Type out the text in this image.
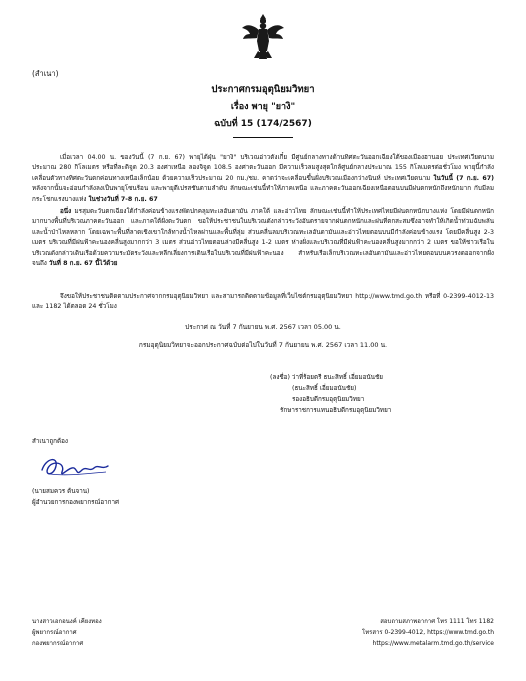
(สำเนา)
ประกาศกรมอุตุนิยมวิทยา
เรื่อง พายุ "ยางิ"
ฉบับที่ 15 (174/2567)
เมื่อเวลา 04.00 น. ของวันนี้ (7 ก.ย. 67) พายุไต้ฝุ่น "ยางิ" บริเวณอ่าวตังเกี๋ย มีศูนย์กลางทางด้านทิศตะวันออกเฉียงใต้ของเมืองฮานอย ประเทศเวียดนาม ประมาณ 280 กิโลเมตร หรือที่ละติจูด 20.3 องศาเหนือ ลองจิจูด 108.5 องศาตะวันออก มีความเร็วลมสูงสุดใกล้ศูนย์กลางประมาณ 155 กิโลเมตรต่อชั่วโมง พายุนี้กำลังเคลื่อนตัวทางทิศตะวันตกค่อนทางเหนือเล็กน้อย ด้วยความเร็วประมาณ 20 กม./ชม. คาดว่าจะเคลื่อนขึ้นฝั่งบริเวณเมืองกว่างนินห์ ประเทศเวียดนาม ในวันนี้ (7 ก.ย. 67) หลังจากนั้นจะอ่อนกำลังลงเป็นพายุโซนร้อน และพายุดีเปรสชันตามลำดับ ลักษณะเช่นนี้ทำให้ภาคเหนือ และภาคตะวันออกเฉียงเหนือตอนบนมีฝนตกหนักถึงหนักมาก กับมีลมกระโชกแรงบางแห่ง ในช่วงวันที่ 7-8 ก.ย. 67
อนึ่ง มรสุมตะวันตกเฉียงใต้กำลังค่อนข้างแรงพัดปกคลุมทะเลอันดามัน ภาคใต้ และอ่าวไทย ลักษณะเช่นนี้ทำให้ประเทศไทยมีฝนตกหนักบางแห่ง โดยมีฝนตกหนักมากบางพื้นที่บริเวณภาคตะวันออก และภาคใต้ฝั่งตะวันตก ขอให้ประชาชนในบริเวณดังกล่าวระวังอันตรายจากฝนตกหนักและฝนที่ตกสะสมซึ่งอาจทำให้เกิดน้ำท่วมฉับพลันและน้ำป่าไหลหลาก โดยเฉพาะพื้นที่ลาดเชิงเขาใกล้ทางน้ำไหลผ่านและพื้นที่ลุ่ม ส่วนคลื่นลมบริเวณทะเลอันดามันและอ่าวไทยตอนบนมีกำลังค่อนข้างแรง โดยมีคลื่นสูง 2-3 เมตร บริเวณที่มีฝนฟ้าคะนองคลื่นสูงมากกว่า 3 เมตร ส่วนอ่าวไทยตอนล่างมีคลื่นสูง 1-2 เมตร ห่างฝั่งและบริเวณที่มีฝนฟ้าคะนองคลื่นสูงมากกว่า 2 เมตร ขอให้ชาวเรือในบริเวณดังกล่าวเดินเรือด้วยความระมัดระวังและหลีกเลี่ยงการเดินเรือในบริเวณที่มีฝนฟ้าคะนอง สำหรับเรือเล็กบริเวณทะเลอันดามันและอ่าวไทยตอนบนควรงดออกจากฝั่งจนถึง วันที่ 8 ก.ย. 67 นี้ไว้ด้วย
จึงขอให้ประชาชนติดตามประกาศจากกรมอุตุนิยมวิทยา และสามารถติดตามข้อมูลที่เว็บไซต์กรมอุตุนิยมวิทยา http://www.tmd.go.th หรือที่ 0-2399-4012-13 และ 1182 ได้ตลอด 24 ชั่วโมง
ประกาศ ณ วันที่ 7 กันยายน พ.ศ. 2567 เวลา 05.00 น.
กรมอุตุนิยมวิทยาจะออกประกาศฉบับต่อไปในวันที่ 7 กันยายน พ.ศ. 2567 เวลา 11.00 น.
(ลงชื่อ) ว่าที่ร้อยตรี ธนะสิทธิ์ เอี่ยมอนันชัย
(ธนะสิทธิ์ เอี่ยมอนันชัย)
รองอธิบดีกรมอุตุนิยมวิทยา
รักษาราชการแทนอธิบดีกรมอุตุนิยมวิทยา
สำเนาถูกต้อง
(นายสมควร ต้นจาน)
ผู้อำนวยการกองพยากรณ์อากาศ
นางสาวเอกอนงค์ เคียงทอง
ผู้พยากรณ์อากาศ
กองพยากรณ์อากาศ
สอบถามสภาพอากาศ โทร 1111 โทร 1182
โทรสาร 0-2399-4012, https://www.tmd.go.th
https://www.metalarm.tmd.go.th/service
